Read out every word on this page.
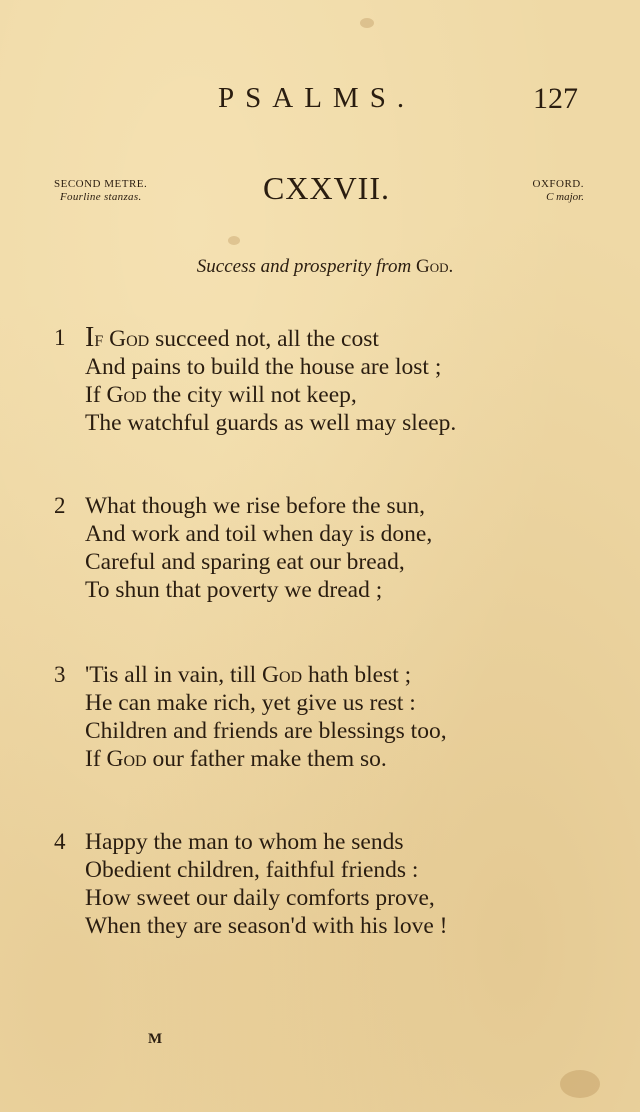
PSALMS.	127
SECOND METRE.
Fourline stanzas.	CXXVII.	OXFORD.
C major.
Success and prosperity from God.
1 If God succeed not, all the cost
And pains to build the house are lost ;
If God the city will not keep,
The watchful guards as well may sleep.
2 What though we rise before the sun,
And work and toil when day is done,
Careful and sparing eat our bread,
To shun that poverty we dread ;
3 'Tis all in vain, till God hath blest ;
He can make rich, yet give us rest :
Children and friends are blessings too,
If God our father make them so.
4 Happy the man to whom he sends
Obedient children, faithful friends :
How sweet our daily comforts prove,
When they are season'd with his love !
M
